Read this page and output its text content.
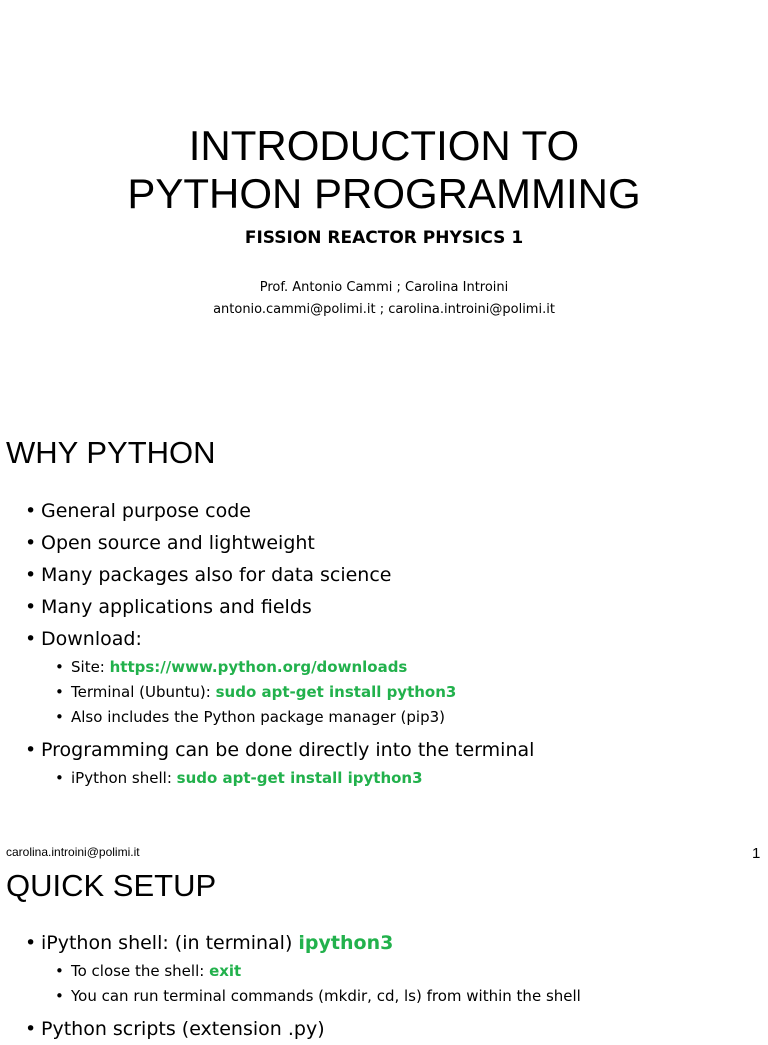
INTRODUCTION TO
PYTHON PROGRAMMING
FISSION REACTOR PHYSICS 1
Prof. Antonio Cammi ; Carolina Introini
antonio.cammi@polimi.it ; carolina.introini@polimi.it
WHY PYTHON
• General purpose code
• Open source and lightweight
• Many packages also for data science
• Many applications and fields
• Download:
• Site: https://www.python.org/downloads
• Terminal (Ubuntu): sudo apt-get install python3
• Also includes the Python package manager (pip3)
• Programming can be done directly into the terminal
• iPython shell: sudo apt-get install ipython3
carolina.introini@polimi.it	1
QUICK SETUP
• iPython shell: (in terminal) ipython3
• To close the shell: exit
• You can run terminal commands (mkdir, cd, ls) from within the shell
• Python scripts (extension .py)
